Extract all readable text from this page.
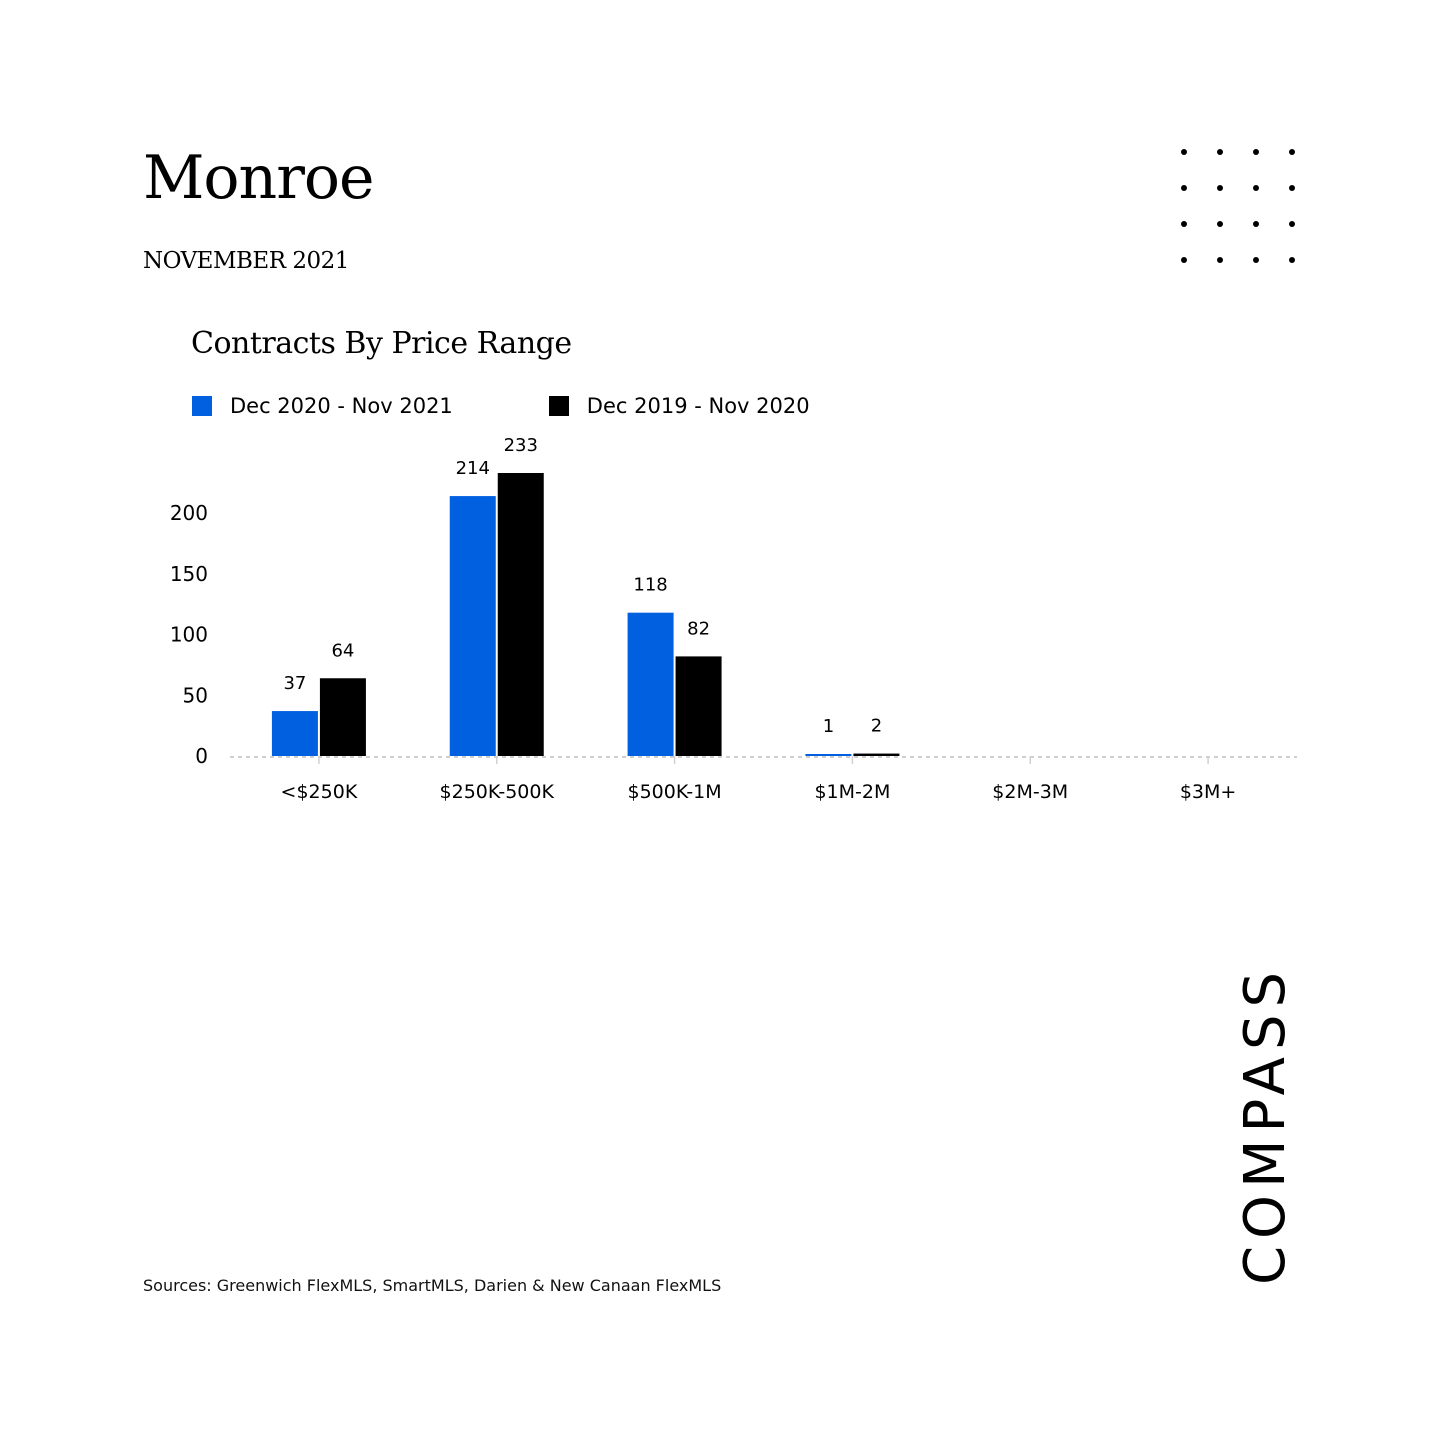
Monroe
NOVEMBER 2021
Contracts By Price Range
Dec 2020 - Nov 2021	Dec 2019 - Nov 2020
0
50
100
150
200
<$250K
37
64
$250K-500K
214
233
$500K-1M
118
82
$1M-2M
1 2
$2M-3M	$3M+
Sources: Greenwich FlexMLS, SmartMLS, Darien & New Canaan FlexMLS
COMPASS
